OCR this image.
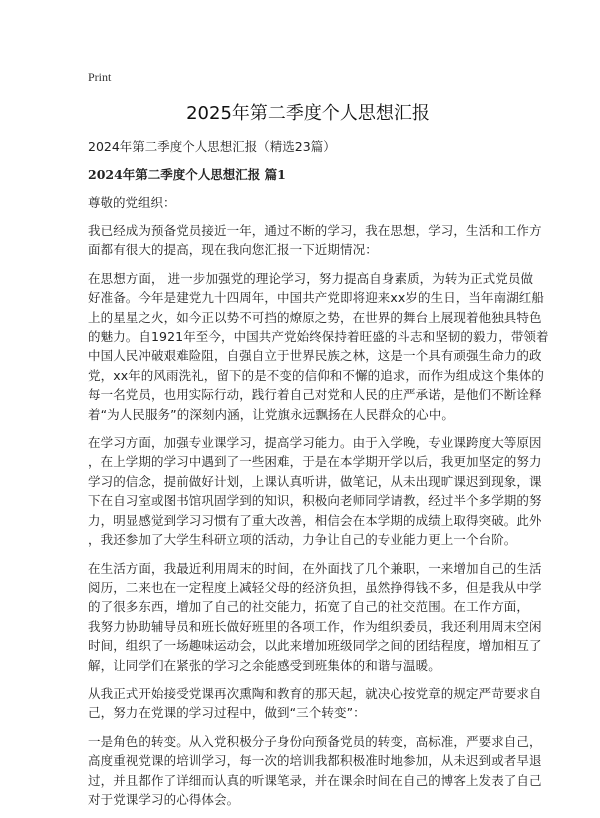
Print
2025年第二季度个人思想汇报
2024年第二季度个人思想汇报（精选23篇）
2024年第二季度个人思想汇报 篇1
尊敬的党组织：
我已经成为预备党员接近一年，通过不断的学习，我在思想，学习，生活和工作方
面都有很大的提高，现在我向您汇报一下近期情况：
在思想方面， 进一步加强党的理论学习，努力提高自身素质，为转为正式党员做
好准备。今年是建党九十四周年，中国共产党即将迎来xx岁的生日，当年南湖红船
上的星星之火，如今正以势不可挡的燎原之势，在世界的舞台上展现着他独具特色
的魅力。自1921年至今，中国共产党始终保持着旺盛的斗志和坚韧的毅力，带领着
中国人民冲破艰难险阻，自强自立于世界民族之林，这是一个具有顽强生命力的政
党，xx年的风雨洗礼，留下的是不变的信仰和不懈的追求，而作为组成这个集体的
每一名党员，也用实际行动，践行着自己对党和人民的庄严承诺，是他们不断诠释
着“为人民服务”的深刻内涵，让党旗永远飘扬在人民群众的心中。
在学习方面，加强专业课学习，提高学习能力。由于入学晚，专业课跨度大等原因
，在上学期的学习中遇到了一些困难，于是在本学期开学以后，我更加坚定的努力
学习的信念，提前做好计划，上课认真听讲，做笔记，从未出现旷课迟到现象，课
下在自习室或图书馆巩固学到的知识，积极向老师同学请教，经过半个多学期的努
力，明显感觉到学习习惯有了重大改善，相信会在本学期的成绩上取得突破。此外
，我还参加了大学生科研立项的活动，力争让自己的专业能力更上一个台阶。
在生活方面，我最近利用周末的时间，在外面找了几个兼职，一来增加自己的生活
阅历，二来也在一定程度上减轻父母的经济负担，虽然挣得钱不多，但是我从中学
的了很多东西，增加了自己的社交能力，拓宽了自己的社交范围。在工作方面，
我努力协助辅导员和班长做好班里的各项工作，作为组织委员，我还利用周末空闲
时间，组织了一场趣味运动会，以此来增加班级同学之间的团结程度，增加相互了
解，让同学们在紧张的学习之余能感受到班集体的和谐与温暖。
从我正式开始接受党课再次熏陶和教育的那天起，就决心按党章的规定严苛要求自
己，努力在党课的学习过程中，做到“三个转变”：
一是角色的转变。从入党积极分子身份向预备党员的转变，高标准，严要求自己，
高度重视党课的培训学习，每一次的培训我都积极准时地参加，从未迟到或者早退
过，并且都作了详细而认真的听课笔录，并在课余时间在自己的博客上发表了自己
对于党课学习的心得体会。
